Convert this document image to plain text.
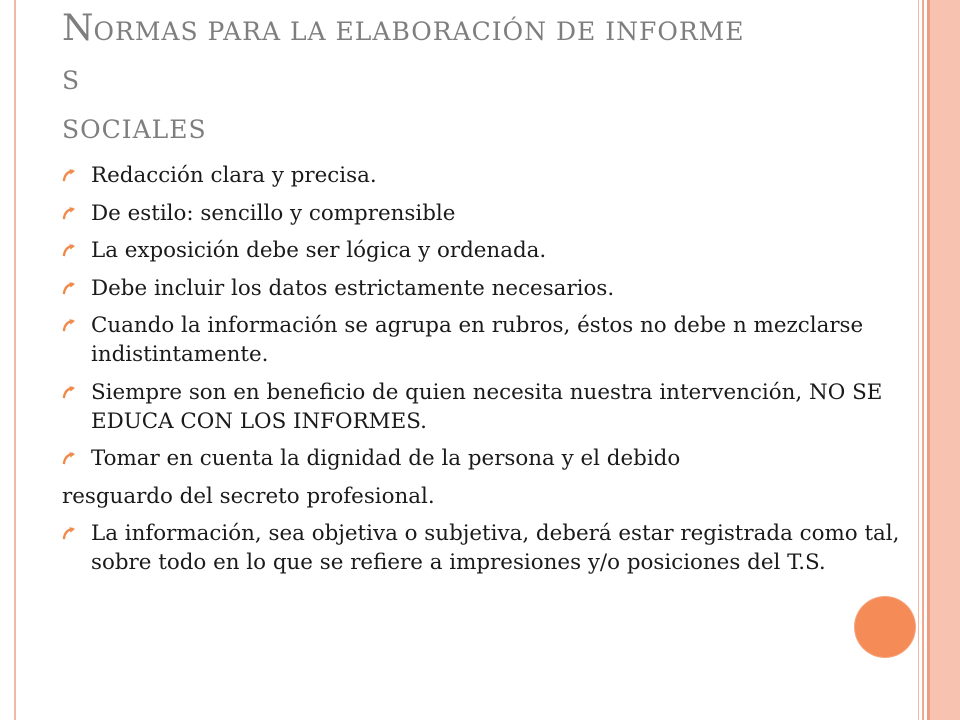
NORMAS PARA LA ELABORACIÓN DE INFORME
S
SOCIALES
Redacción clara y precisa.
De estilo: sencillo y comprensible
La exposición debe ser lógica y ordenada.
Debe incluir los datos estrictamente necesarios.
Cuando la información se agrupa en rubros, éstos no debe n mezclarse indistintamente.
Siempre son en beneficio de quien necesita nuestra intervención, NO SE EDUCA CON LOS INFORMES.
Tomar en cuenta la dignidad de la persona y el debido
resguardo del secreto profesional.
La información, sea objetiva o subjetiva, deberá estar registrada como tal, sobre todo en lo que se refiere a impresiones y/o posiciones del T.S.
